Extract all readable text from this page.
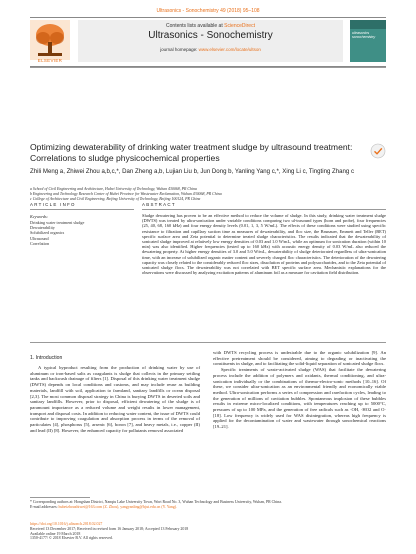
Ultrasonics - Sonochemistry 49 (2018) 95–108
ELSEVIER
Contents lists available at ScienceDirect
Ultrasonics - Sonochemistry
journal homepage: www.elsevier.com/locate/ultson
ultrasonics sonochemistry
Optimizing dewaterability of drinking water treatment sludge by ultrasound treatment: Correlations to sludge physicochemical properties
Zhili Meng a, Zhiwei Zhou a,b,c,*, Dan Zheng a,b, Lujian Liu b, Jun Dong b, Yanling Yang c,*, Xing Li c, Tingting Zhang c
a School of Civil Engineering and Architecture, Hubei University of Technology, Wuhan 430068, PR China
b Engineering and Technology Research Center of Hubei Province for Wastewater Reclamation, Wuhan 430068, PR China
c College of Architecture and Civil Engineering, Beijing University of Technology, Beijing 100124, PR China
ARTICLE INFO	ABSTRACT
Keywords:
Drinking water treatment sludge
Dewaterability
Solubilized organics
Ultrasound
Correlation
Sludge dewatering has proven to be an effective method to reduce the volume of sludge. In this study, drinking water treatment sludge (DWTS) was treated by ultra-sonication under variable conditions comparing two ul-trasound types (horn and probe), four frequencies (25, 40, 68, 160 kHz) and four energy density levels (0.01, 1, 3, 5 W/mL). The effects of these conditions were studied using specific resistance to filtration and capillary suction time as measures of dewaterability, and floc size, the Brunauer, Emmett and Teller (BET) specific surface area and Zeta potential to determine treated sludge characteristics. The results indicated that the dewaterability of sonicated sludge improved at relatively low energy densities of 0.03 and 1.0 W/mL, while an optimum for sonication duration (within 10 min) was also identified. Higher frequencies (tested up to 160 kHz) with acoustic energy density of 0.03 W/mL also reduced the dewatering property. At higher energy densities of 3.0 and 5.0 W/mL, dewaterability of sludge deteriorated regardless of ultra-sonication time, with an increase of solubilized organic matter content and severely charged floc characteristics. The deterioration of the dewatering capacity was closely related to the considerably reduced floc sizes, dissolution of proteins and polysaccharides, and to the Zeta potential of sonicated sludge flocs. The dewaterability was not correlated with BET specific surface area. Mechanistic explanations for the observations were discussed by analyzing excitation patterns of aluminum foil as a measure for cavitation field distribution.
1. Introduction

A typical byproduct resulting from the production of drinking water by use of aluminum or iron-based salts as coagulants is sludge that collects in the primary settling tanks and backwash drainage of filters [1]. Disposal of this drinking water treatment sludge (DWTS) depends on local conditions and customs, and may include reuse as building materials, landfill with soil, application to farmland, sanitary landfills or ocean disposal [2,3]. The most common disposal strategy in China is burying DWTS in deserted soils and sanitary landfills. However, prior to disposal, efficient dewatering of the sludge is of paramount importance as a reduced volume and weight results in lower management, transport and disposal costs. In addition to reducing water content, the issue of DWTS could contribute to improving coagulation and absorption process in terms of the removal of particulates [4], phosphorus [5], arsenic [6], boron [7], and heavy metals, i.e., copper (II) and lead (II) [8]. However, the enhanced capacity for pollutants removal associated

with DWTS recycling process is undesirable due to the organic solubilization [9]. An effective pretreatment should be considered, aiming to degrading or inactivating the constituents in sludge, and to facilitating the solid-liquid separation of sonicated sludge flocs.

Specific treatments of waste-activated sludge (WAS) that facilitate the dewatering process include the addition of polymers and oxidants, thermal conditioning, and ultra-sonication individually or the combinations of thermo-electro-sonic methods [10–16]. Of these, we consider ultra-sonication as an environmental friendly and economically viable method. Ultra-sonication performs a series of compression and rarefaction cycles, leading to the generation of millions of cavitation bubbles. Spontaneous implosion of these bubbles results in extreme micro-localized conditions, with temperatures reaching up to 5000°C, pressures of up to 100 MPa, and the generation of free radicals such as ·OH, ·HO2 and O· [18]. Low frequency is widely used for WAS disintegration, whereas high frequency is applied for the decontamination of water and wastewater through sonochemical reactions [19–21].

* Corresponding authors at: Hongshan District, Nanqiu Lake University Town, Wort Road No. 3, Wuhan Technology and Business University, Wuhan, PR China.
E-mail addresses: hubeizhouzhiwei@163.com (Z. Zhou), yangyanling@bjut.edu.cn (Y. Yang).
https://doi.org/10.1016/j.ultsonch.2018.02.027
Received 13 December 2017; Received in revised form 16 January 2018; Accepted 13 February 2018
Available online 19 March 2018
1350-4177/ © 2018 Elsevier B.V. All rights reserved.
